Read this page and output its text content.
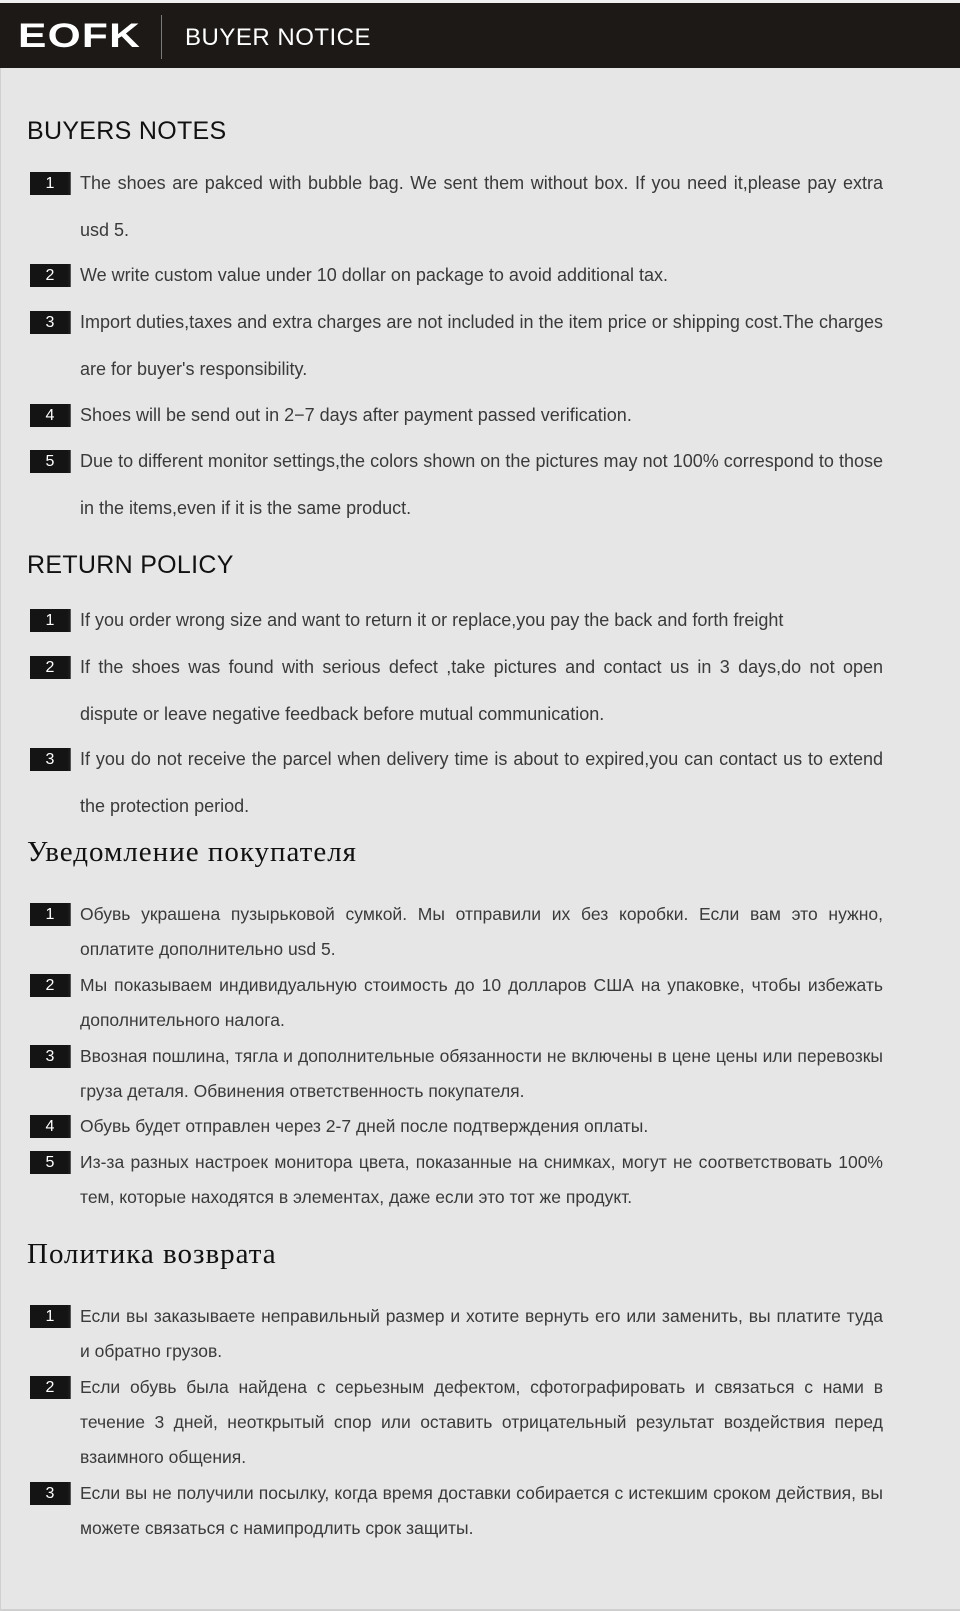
EOFK BUYER NOTICE
BUYERS NOTES
1	The shoes are pakced with bubble bag. We sent them without box. If you need it,please pay extra usd 5.
2	We write custom value under 10 dollar on package to avoid additional tax.
3	Import duties,taxes and extra charges are not included in the item price or shipping cost.The charges are for buyer's responsibility.
4	Shoes will be send out in 2−7 days after payment passed verification.
5	Due to different monitor settings,the colors shown on the pictures may not 100% correspond to those in the items,even if it is the same product.
RETURN POLICY
1	If you order wrong size and want to return it or replace,you pay the back and forth freight
2	If the shoes was found with serious defect ,take pictures and contact us in 3 days,do not open dispute or leave negative feedback before mutual communication.
3	If you do not receive the parcel when delivery time is about to expired,you can contact us to extend the protection period.
Уведомление покупателя
1	Обувь украшена пузырьковой сумкой. Мы отправили их без коробки. Если вам это нужно, оплатите дополнительно usd 5.
2	Мы показываем индивидуальную стоимость до 10 долларов США на упаковке, чтобы избежать дополнительного налога.
3	Ввозная пошлина, тягла и дополнительные обязанности не включены в цене цены или перевозкы груза деталя. Обвинения ответственность покупателя.
4	Обувь будет отправлен через 2-7 дней после подтверждения оплаты.
5	Из-за разных настроек монитора цвета, показанные на снимках, могут не соответствовать 100% тем, которые находятся в элементах, даже если это тот же продукт.
Политика возврата
1	Если вы заказываете неправильный размер и хотите вернуть его или заменить, вы платите туда и обратно грузов.
2	Если обувь была найдена с серьезным дефектом, сфотографировать и связаться с нами в течение 3 дней, неоткрытый спор или оставить отрицательный результат воздействия перед взаимного общения.
3	Если вы не получили посылку, когда время доставки собирается с истекшим сроком действия, вы можете связаться с намипродлить срок защиты.
